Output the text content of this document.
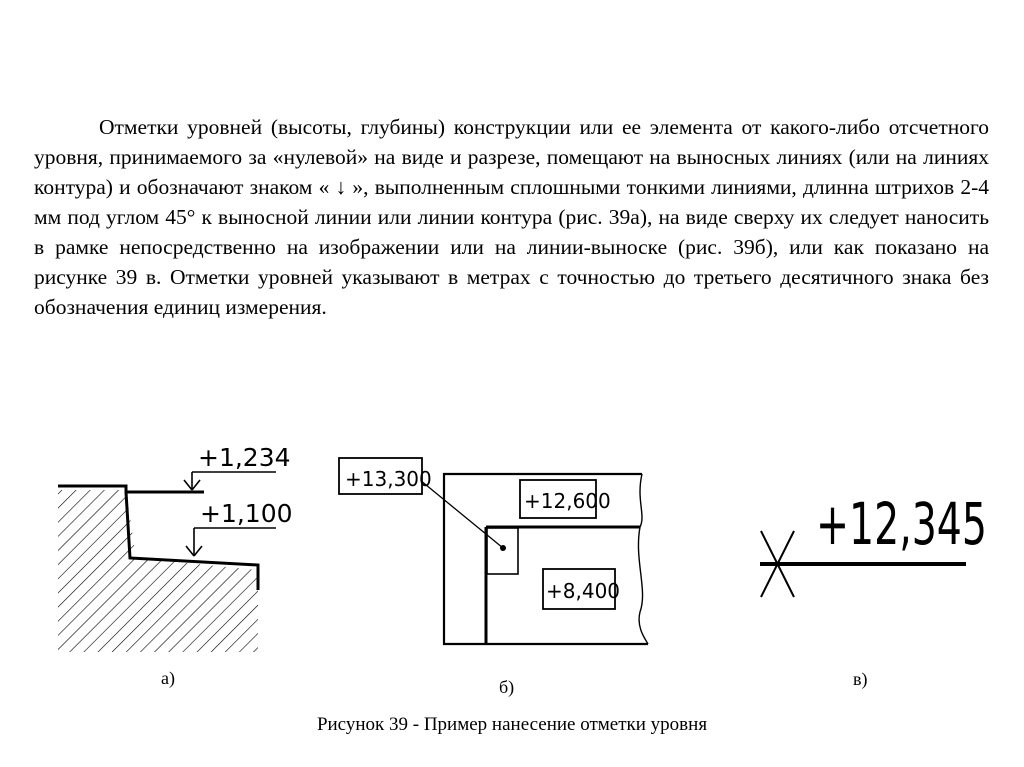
Отметки уровней (высоты, глубины) конструкции или ее элемента от какого-либо отсчетного уровня, принимаемого за «нулевой» на виде и разрезе, помещают на выносных линиях (или на линиях контура) и обозначают знаком « ↓ », выполненным сплошными тонкими линиями, длинна штрихов 2-4 мм под углом 45° к выносной линии или линии контура (рис. 39а), на виде сверху их следует наносить в рамке непосредственно на изображении или на линии-выноске (рис. 39б), или как показано на рисунке 39 в. Отметки уровней указывают в метрах с точностью до третьего десятичного знака без обозначения единиц измерения.

+1,234
+1,100
+13,300
+12,600
+8,400
+12,345
а)	б)	в)
Рисунок 39 - Пример нанесение отметки уровня
